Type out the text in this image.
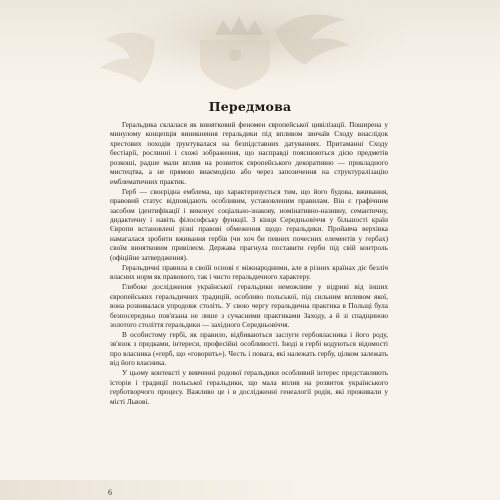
Передмова

Геральдика склалася як винятковий феномен європейської цивілізації. Поширена у минулому концепція виникнення геральдики під впливом звичаїв Сходу внаслідок хрестових походів ґрунтувалася на безпідставних датуваннях. Притаманні Сходу бестіарії, рослинні і схожі зображення, що насправді пояснюються дією предметів розкоші, радше мали вплив на розвиток європейського декоративно — прикладного мистецтва, а не прямою виаємодією або через запозичення на структуралізацію емблематичних практик.

Герб — своєрідна емблема, що характеризується тим, що його будова, вживання, правовий статус відповідають особливим, установленим правилам. Він є графічним засобом ідентифікації і виконує соціально-знакову, номінативно-називну, семантичну, дидактичну і навіть філософську функції. З кінця Середньовіччя у більшості країн Європи встановлені різні правові обмеження щодо геральдики. Пройавча верхівка намагалася зробити вживання гербів (чи хоч би певних почесних елементів у гербах) своїм винятковим привілеєм. Держава прагнула поставити герби під свій контроль (офіційне затвердження).

Геральдичні правила в своїй основі є міжнародними, але в різних країнах діє безліч власних норм як правового, так і чисто геральдичного характеру.

Глибоке дослідження української геральдики неможливе у відриві від інших європейських геральдичних традицій, особливо польської, під сильним впливом якої, вона розвивалася упродовж століть. У свою чергу геральдична практика в Польщі була безпосередньо пов'язана не лише з сучасними практиками Заходу, а й зі спадщиною золотого століття геральдики — західного Середньовіччя.

В особистому гербі, як правило, відбиваються заслуги гербовласника і його роду, зв'язок з предками, інтереси, професійні особливості. Іноді в гербі кодуються відомості про власника («герб, що «говорить»). Честь і повага, які належать гербу, цілком залежать від його власника.

У цьому контексті у вивченні родової геральдики особливий інтерес представляють історія і традиції польської геральдики, що мала вплив на розвиток українського герботворчого процесу. Важливо це і в дослідженні генеалогії родів, які проживали у місті Львові.

6
